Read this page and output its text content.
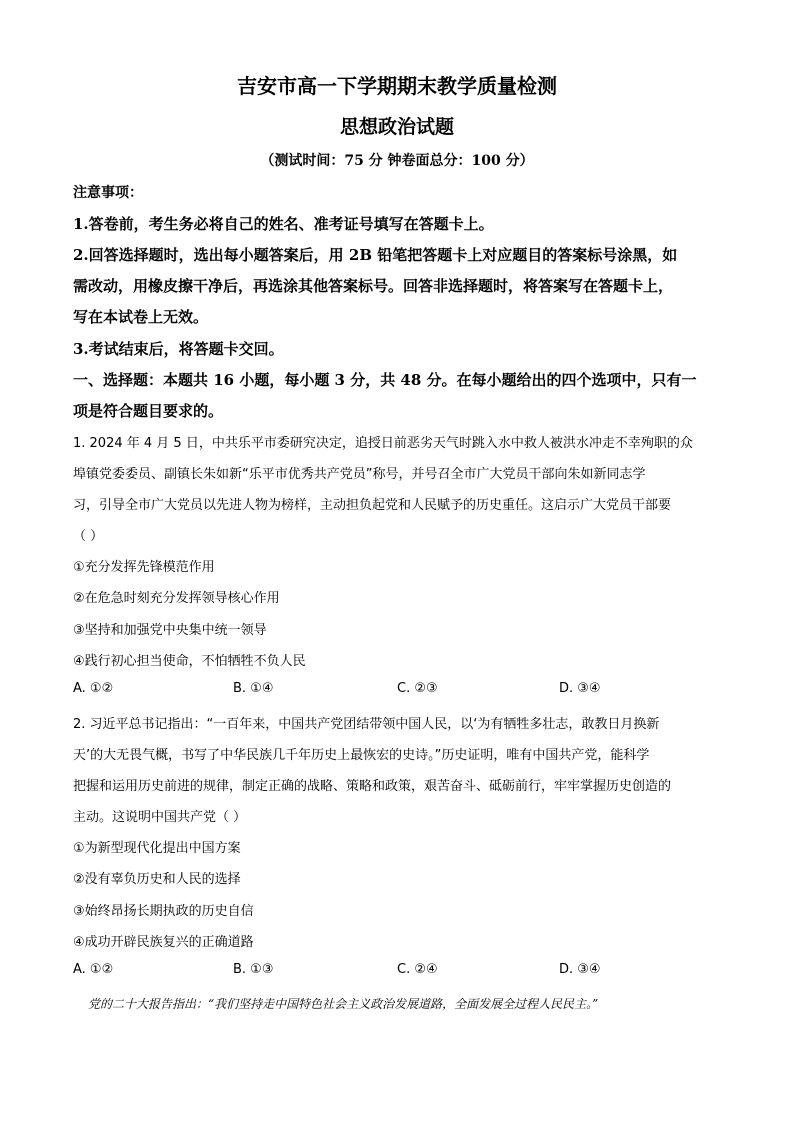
吉安市高一下学期期末教学质量检测
思想政治试题
（测试时间：75 分 钟卷面总分：100 分）
注意事项：
1.答卷前，考生务必将自己的姓名、准考证号填写在答题卡上。
2.回答选择题时，选出每小题答案后，用 2B 铅笔把答题卡上对应题目的答案标号涂黑，如
需改动，用橡皮擦干净后，再选涂其他答案标号。回答非选择题时，将答案写在答题卡上，
写在本试卷上无效。
3.考试结束后，将答题卡交回。
一、选择题：本题共 16 小题，每小题 3 分，共 48 分。在每小题给出的四个选项中，只有一
项是符合题目要求的。
1. 2024 年 4 月 5 日，中共乐平市委研究决定，追授日前恶劣天气时跳入水中救人被洪水冲走不幸殉职的众
埠镇党委委员、副镇长朱如新“乐平市优秀共产党员”称号，并号召全市广大党员干部向朱如新同志学
习，引导全市广大党员以先进人物为榜样，主动担负起党和人民赋予的历史重任。这启示广大党员干部要
（ ）
①充分发挥先锋模范作用
②在危急时刻充分发挥领导核心作用
③坚持和加强党中央集中统一领导
④践行初心担当使命，不怕牺牲不负人民
A. ①②	B. ①④	C. ②③	D. ③④
2. 习近平总书记指出：“一百年来，中国共产党团结带领中国人民，以‘为有牺牲多壮志，敢教日月换新
天’的大无畏气概，书写了中华民族几千年历史上最恢宏的史诗。”历史证明，唯有中国共产党，能科学
把握和运用历史前进的规律，制定正确的战略、策略和政策，艰苦奋斗、砥砺前行，牢牢掌握历史创造的
主动。这说明中国共产党（ ）
①为新型现代化提出中国方案
②没有辜负历史和人民的选择
③始终昂扬长期执政的历史自信
④成功开辟民族复兴的正确道路
A. ①②	B. ①③	C. ②④	D. ③④
党的二十大报告指出：“我们坚持走中国特色社会主义政治发展道路，全面发展全过程人民民主。”
